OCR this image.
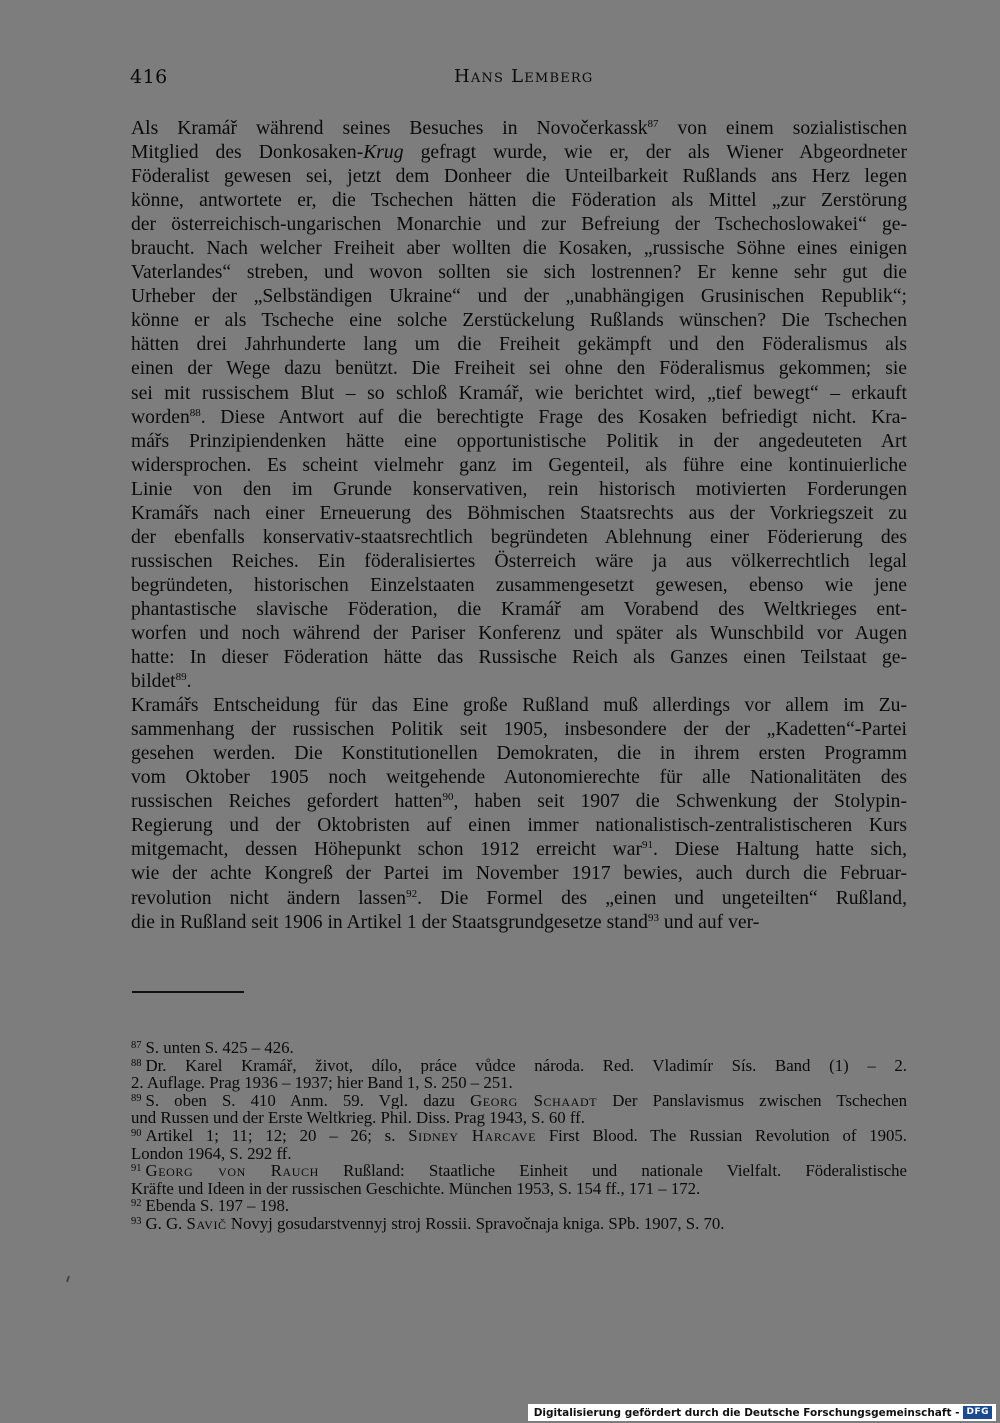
416	Hans Lemberg
Als Kramář während seines Besuches in Novočerkassk$^{87}$ von einem sozialistischen
Mitglied des Donkosaken-Krug gefragt wurde, wie er, der als Wiener Abgeordneter
Föderalist gewesen sei, jetzt dem Donheer die Unteilbarkeit Rußlands ans Herz legen
könne, antwortete er, die Tschechen hätten die Föderation als Mittel „zur Zerstörung
der österreichisch-ungarischen Monarchie und zur Befreiung der Tschechoslowakei“ ge-
braucht. Nach welcher Freiheit aber wollten die Kosaken, „russische Söhne eines einigen
Vaterlandes“ streben, und wovon sollten sie sich lostrennen? Er kenne sehr gut die
Urheber der „Selbständigen Ukraine“ und der „unabhängigen Grusinischen Republik“;
könne er als Tscheche eine solche Zerstückelung Rußlands wünschen? Die Tschechen
hätten drei Jahrhunderte lang um die Freiheit gekämpft und den Föderalismus als
einen der Wege dazu benützt. Die Freiheit sei ohne den Föderalismus gekommen; sie
sei mit russischem Blut – so schloß Kramář, wie berichtet wird, „tief bewegt“ – erkauft
worden$^{88}$. Diese Antwort auf die berechtigte Frage des Kosaken befriedigt nicht. Kra-
mářs Prinzipiendenken hätte eine opportunistische Politik in der angedeuteten Art
widersprochen. Es scheint vielmehr ganz im Gegenteil, als führe eine kontinuierliche
Linie von den im Grunde konservativen, rein historisch motivierten Forderungen
Kramářs nach einer Erneuerung des Böhmischen Staatsrechts aus der Vorkriegszeit zu
der ebenfalls konservativ-staatsrechtlich begründeten Ablehnung einer Föderierung des
russischen Reiches. Ein föderalisiertes Österreich wäre ja aus völkerrechtlich legal
begründeten, historischen Einzelstaaten zusammengesetzt gewesen, ebenso wie jene
phantastische slavische Föderation, die Kramář am Vorabend des Weltkrieges ent-
worfen und noch während der Pariser Konferenz und später als Wunschbild vor Augen
hatte: In dieser Föderation hätte das Russische Reich als Ganzes einen Teilstaat ge-
bildet$^{89}$.
Kramářs Entscheidung für das Eine große Rußland muß allerdings vor allem im Zu-
sammenhang der russischen Politik seit 1905, insbesondere der der „Kadetten“-Partei
gesehen werden. Die Konstitutionellen Demokraten, die in ihrem ersten Programm
vom Oktober 1905 noch weitgehende Autonomierechte für alle Nationalitäten des
russischen Reiches gefordert hatten$^{90}$, haben seit 1907 die Schwenkung der Stolypin-
Regierung und der Oktobristen auf einen immer nationalistisch-zentralistischeren Kurs
mitgemacht, dessen Höhepunkt schon 1912 erreicht war$^{91}$. Diese Haltung hatte sich,
wie der achte Kongreß der Partei im November 1917 bewies, auch durch die Februar-
revolution nicht ändern lassen$^{92}$. Die Formel des „einen und ungeteilten“ Rußland,
die in Rußland seit 1906 in Artikel 1 der Staatsgrundgesetze stand$^{93}$ und auf ver-
$^{87}$ S. unten S. 425 – 426.
$^{88}$ Dr. Karel Kramář, život, dílo, práce vůdce národa. Red. Vladimír Sís. Band (1) – 2.
2. Auflage. Prag 1936 – 1937; hier Band 1, S. 250 – 251.
$^{89}$ S. oben S. 410 Anm. 59. Vgl. dazu Georg Schaadt Der Panslavismus zwischen Tschechen
und Russen und der Erste Weltkrieg. Phil. Diss. Prag 1943, S. 60 ff.
$^{90}$ Artikel 1; 11; 12; 20 – 26; s. Sidney Harcave First Blood. The Russian Revolution of 1905.
London 1964, S. 292 ff.
$^{91}$ Georg von Rauch Rußland: Staatliche Einheit und nationale Vielfalt. Föderalistische
Kräfte und Ideen in der russischen Geschichte. München 1953, S. 154 ff., 171 – 172.
$^{92}$ Ebenda S. 197 – 198.
$^{93}$ G. G. Savič Novyj gosudarstvennyj stroj Rossii. Spravočnaja kniga. SPb. 1907, S. 70.
Digitalisierung gefördert durch die Deutsche Forschungsgemeinschaft - DFG
